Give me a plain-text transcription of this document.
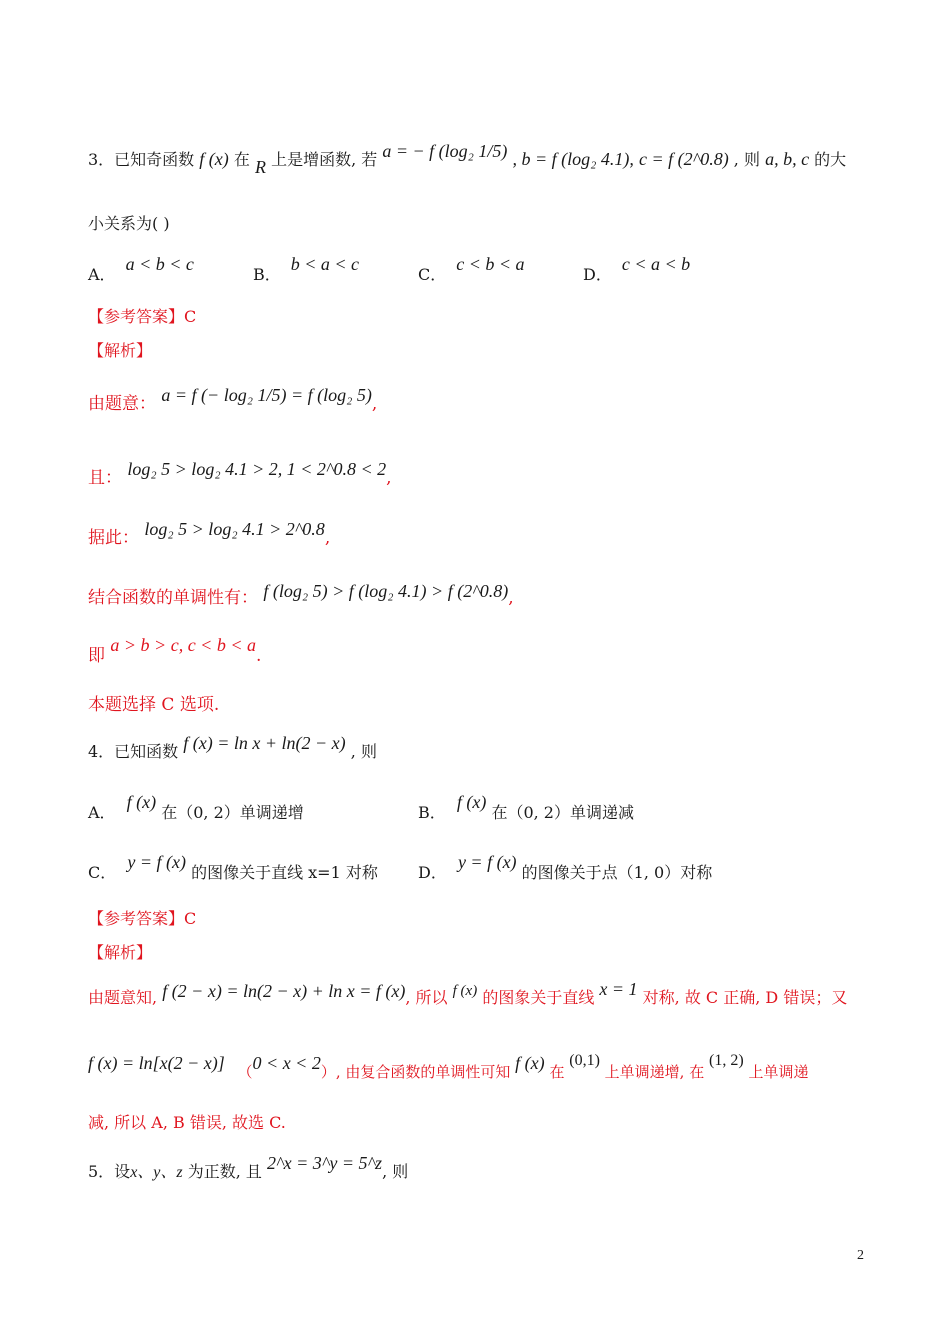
3．已知奇函数 f (x) 在 R 上是增函数, 若 a = − f (log₂ 1/5) , b = f (log₂ 4.1), c = f (2^0.8) , 则 a, b, c 的大
小关系为( )
A．a < b < c
B．b < a < c
C．c < b < a
D．c < a < b
【参考答案】C
【解析】
由题意： a = f (− log₂ 1/5) = f (log₂ 5),
且： log₂ 5 > log₂ 4.1 > 2, 1 < 2^0.8 < 2,
据此： log₂ 5 > log₂ 4.1 > 2^0.8,
结合函数的单调性有： f (log₂ 5) > f (log₂ 4.1) > f (2^0.8),
即 a > b > c, c < b < a.
本题选择 C 选项.
4．已知函数 f (x) = ln x + ln(2 − x) , 则
A． f (x) 在（0, 2）单调递增	B． f (x) 在（0, 2）单调递减
C． y = f (x) 的图像关于直线 x=1 对称	D． y = f (x) 的图像关于点（1, 0）对称
【参考答案】C
【解析】
由题意知, f (2 − x) = ln(2 − x) + ln x = f (x), 所以 f (x) 的图象关于直线 x = 1 对称, 故 C 正确, D 错误；又
f (x) = ln[x(2 − x)] （0 < x < 2）, 由复合函数的单调性可知 f (x) 在 (0,1) 上单调递增, 在 (1, 2) 上单调递
减, 所以 A, B 错误, 故选 C.
5．设x、y、z 为正数, 且 2^x = 3^y = 5^z, 则
2
